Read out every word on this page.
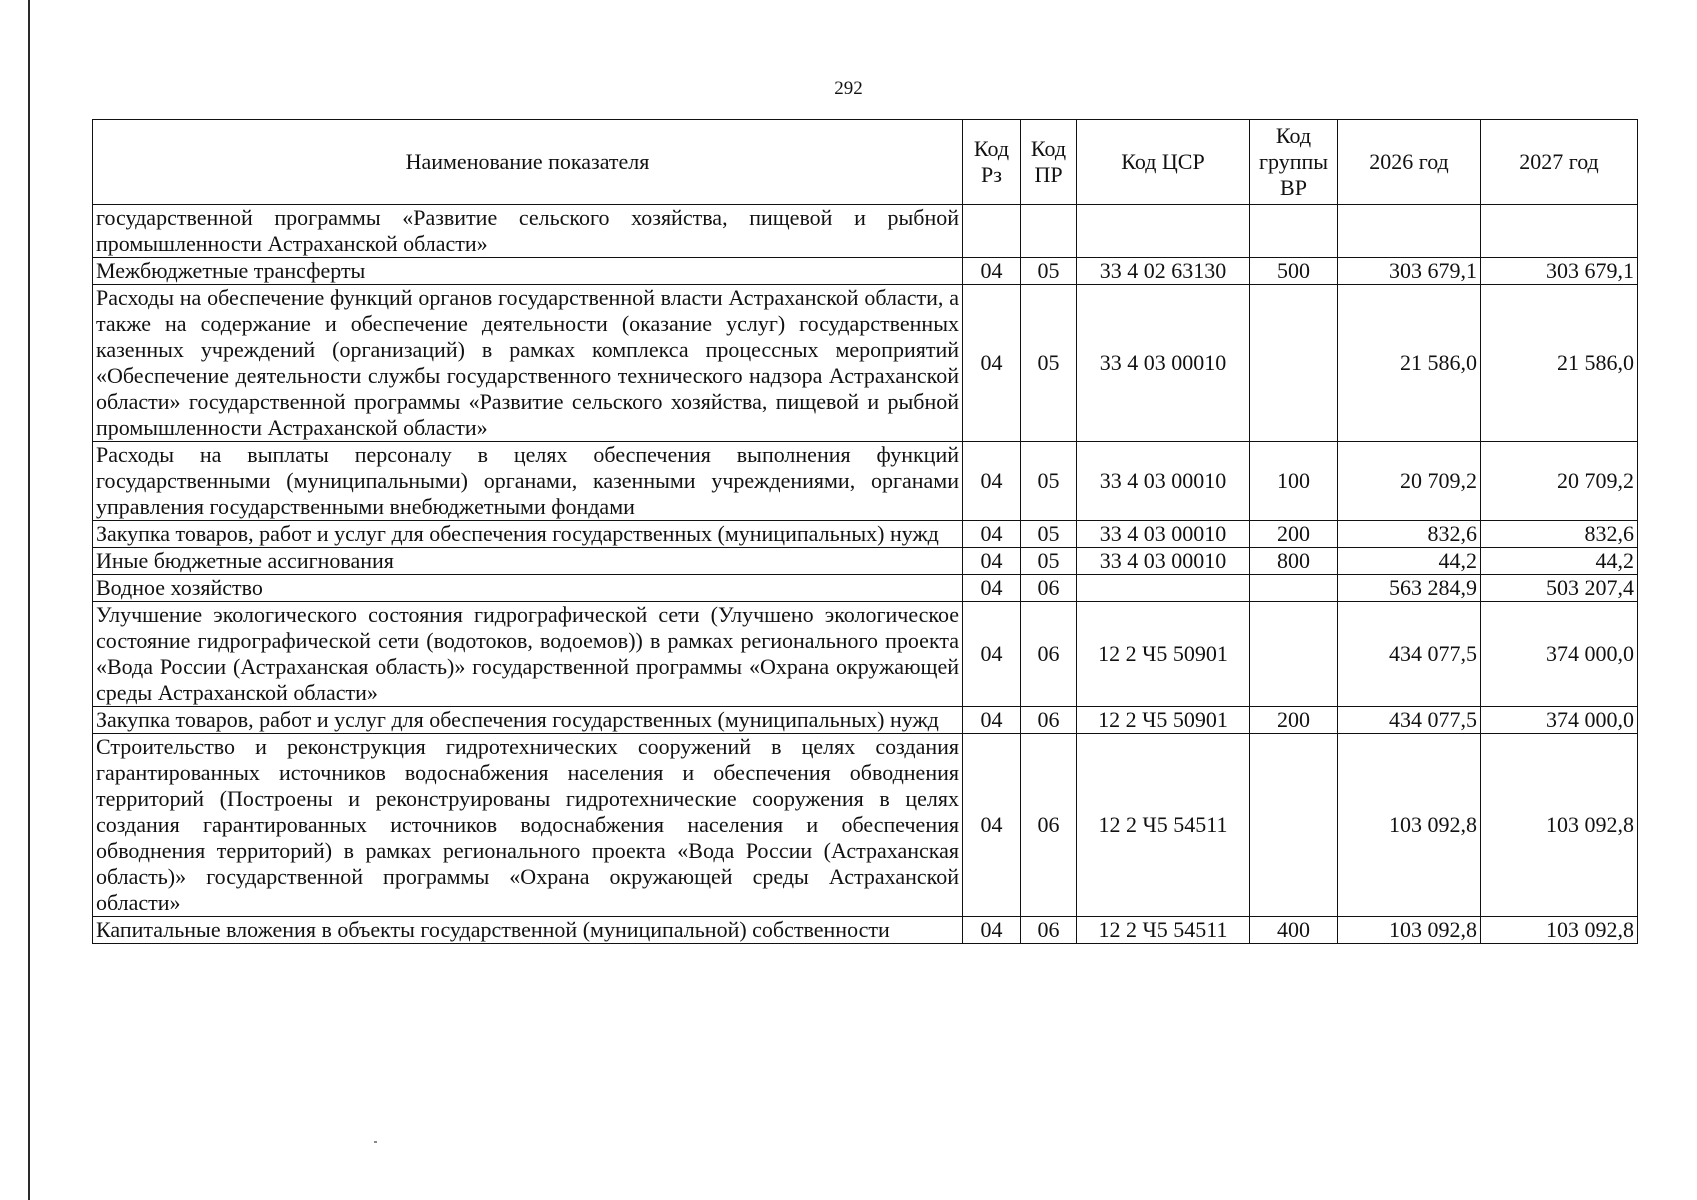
292
Наименование показателя	Код Рз	Код ПР	Код ЦСР	Код группы ВР	2026 год	2027 год
государственной программы «Развитие сельского хозяйства, пищевой и рыбной промышленности Астраханской области»						
Межбюджетные трансферты	04	05	33 4 02 63130	500	303 679,1	303 679,1
Расходы на обеспечение функций органов государственной власти Астраханской области, а также на содержание и обеспечение деятельности (оказание услуг) государственных казенных учреждений (организаций) в рамках комплекса процессных мероприятий «Обеспечение деятельности службы государственного технического надзора Астраханской области» государственной программы «Развитие сельского хозяйства, пищевой и рыбной промышленности Астраханской области»	04	05	33 4 03 00010		21 586,0	21 586,0
Расходы на выплаты персоналу в целях обеспечения выполнения функций государственными (муниципальными) органами, казенными учреждениями, органами управления государственными внебюджетными фондами	04	05	33 4 03 00010	100	20 709,2	20 709,2
Закупка товаров, работ и услуг для обеспечения государственных (муниципальных) нужд	04	05	33 4 03 00010	200	832,6	832,6
Иные бюджетные ассигнования	04	05	33 4 03 00010	800	44,2	44,2
Водное хозяйство	04	06			563 284,9	503 207,4
Улучшение экологического состояния гидрографической сети (Улучшено экологическое состояние гидрографической сети (водотоков, водоемов)) в рамках регионального проекта «Вода России (Астраханская область)» государственной программы «Охрана окружающей среды Астраханской области»	04	06	12 2 Ч5 50901		434 077,5	374 000,0
Закупка товаров, работ и услуг для обеспечения государственных (муниципальных) нужд	04	06	12 2 Ч5 50901	200	434 077,5	374 000,0
Строительство и реконструкция гидротехнических сооружений в целях создания гарантированных источников водоснабжения населения и обеспечения обводнения территорий (Построены и реконструированы гидротехнические сооружения в целях создания гарантированных источников водоснабжения населения и обеспечения обводнения территорий) в рамках регионального проекта «Вода России (Астраханская область)» государственной программы «Охрана окружающей среды Астраханской области»	04	06	12 2 Ч5 54511		103 092,8	103 092,8
Капитальные вложения в объекты государственной (муниципальной) собственности	04	06	12 2 Ч5 54511	400	103 092,8	103 092,8
